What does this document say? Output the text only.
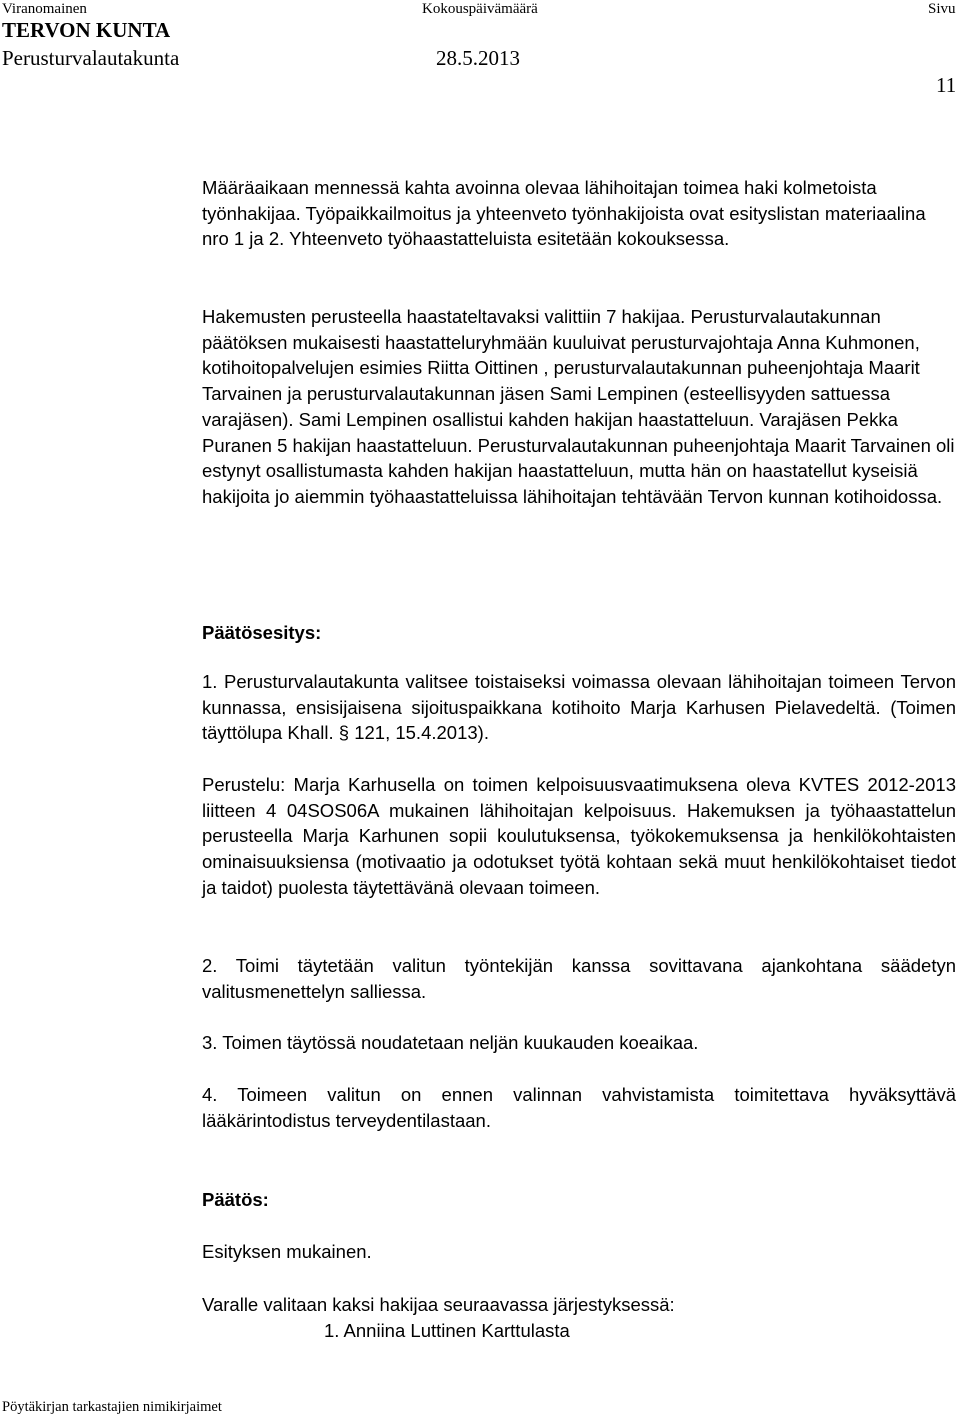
Viranomainen	Kokouspäivämäärä	Sivu
TERVON KUNTA
Perusturvalautakunta	28.5.2013
11

Määräaikaan mennessä kahta avoinna olevaa lähihoitajan toimea haki kolmetoista työnhakijaa. Työpaikkailmoitus ja yhteenveto työnhakijoista ovat esityslistan materiaalina nro 1 ja 2. Yhteenveto työhaastatteluista esitetään kokouksessa.

Hakemusten perusteella haastateltavaksi valittiin 7 hakijaa. Perusturvalautakunnan päätöksen mukaisesti haastatteluryhmään kuuluivat perusturvajohtaja Anna Kuhmonen, kotihoitopalvelujen esimies Riitta Oittinen , perusturvalautakunnan puheenjohtaja Maarit Tarvainen ja perusturvalautakunnan jäsen Sami Lempinen (esteellisyyden sattuessa varajäsen). Sami Lempinen osallistui kahden hakijan haastatteluun. Varajäsen Pekka Puranen 5 hakijan haastatteluun. Perusturvalautakunnan puheenjohtaja Maarit Tarvainen oli estynyt osallistumasta kahden hakijan haastatteluun, mutta hän on haastatellut kyseisiä hakijoita jo aiemmin työhaastatteluissa lähihoitajan tehtävään Tervon kunnan kotihoidossa.

Päätösesitys:

1. Perusturvalautakunta valitsee toistaiseksi voimassa olevaan lähihoitajan toimeen Tervon kunnassa, ensisijaisena sijoituspaikkana kotihoito Marja Karhusen Pielavedeltä. (Toimen täyttölupa Khall. § 121, 15.4.2013).

Perustelu: Marja Karhusella on toimen kelpoisuusvaatimuksena oleva KVTES 2012-2013 liitteen 4 04SOS06A mukainen lähihoitajan kelpoisuus. Hakemuksen ja työhaastattelun perusteella Marja Karhunen sopii koulutuksensa, työkokemuksensa ja henkilökohtaisten ominaisuuksiensa (motivaatio ja odotukset työtä kohtaan sekä muut henkilökohtaiset tiedot ja taidot) puolesta täytettävänä olevaan toimeen.

2. Toimi täytetään valitun työntekijän kanssa sovittavana ajankohtana säädetyn valitusmenettelyn salliessa.

3. Toimen täytössä noudatetaan neljän kuukauden koeaikaa.

4. Toimeen valitun on ennen valinnan vahvistamista toimitettava hyväksyttävä lääkärintodistus terveydentilastaan.

Päätös:

Esityksen mukainen.

Varalle valitaan kaksi hakijaa seuraavassa järjestyksessä:

1. Anniina Luttinen Karttulasta

Pöytäkirjan tarkastajien nimikirjaimet
